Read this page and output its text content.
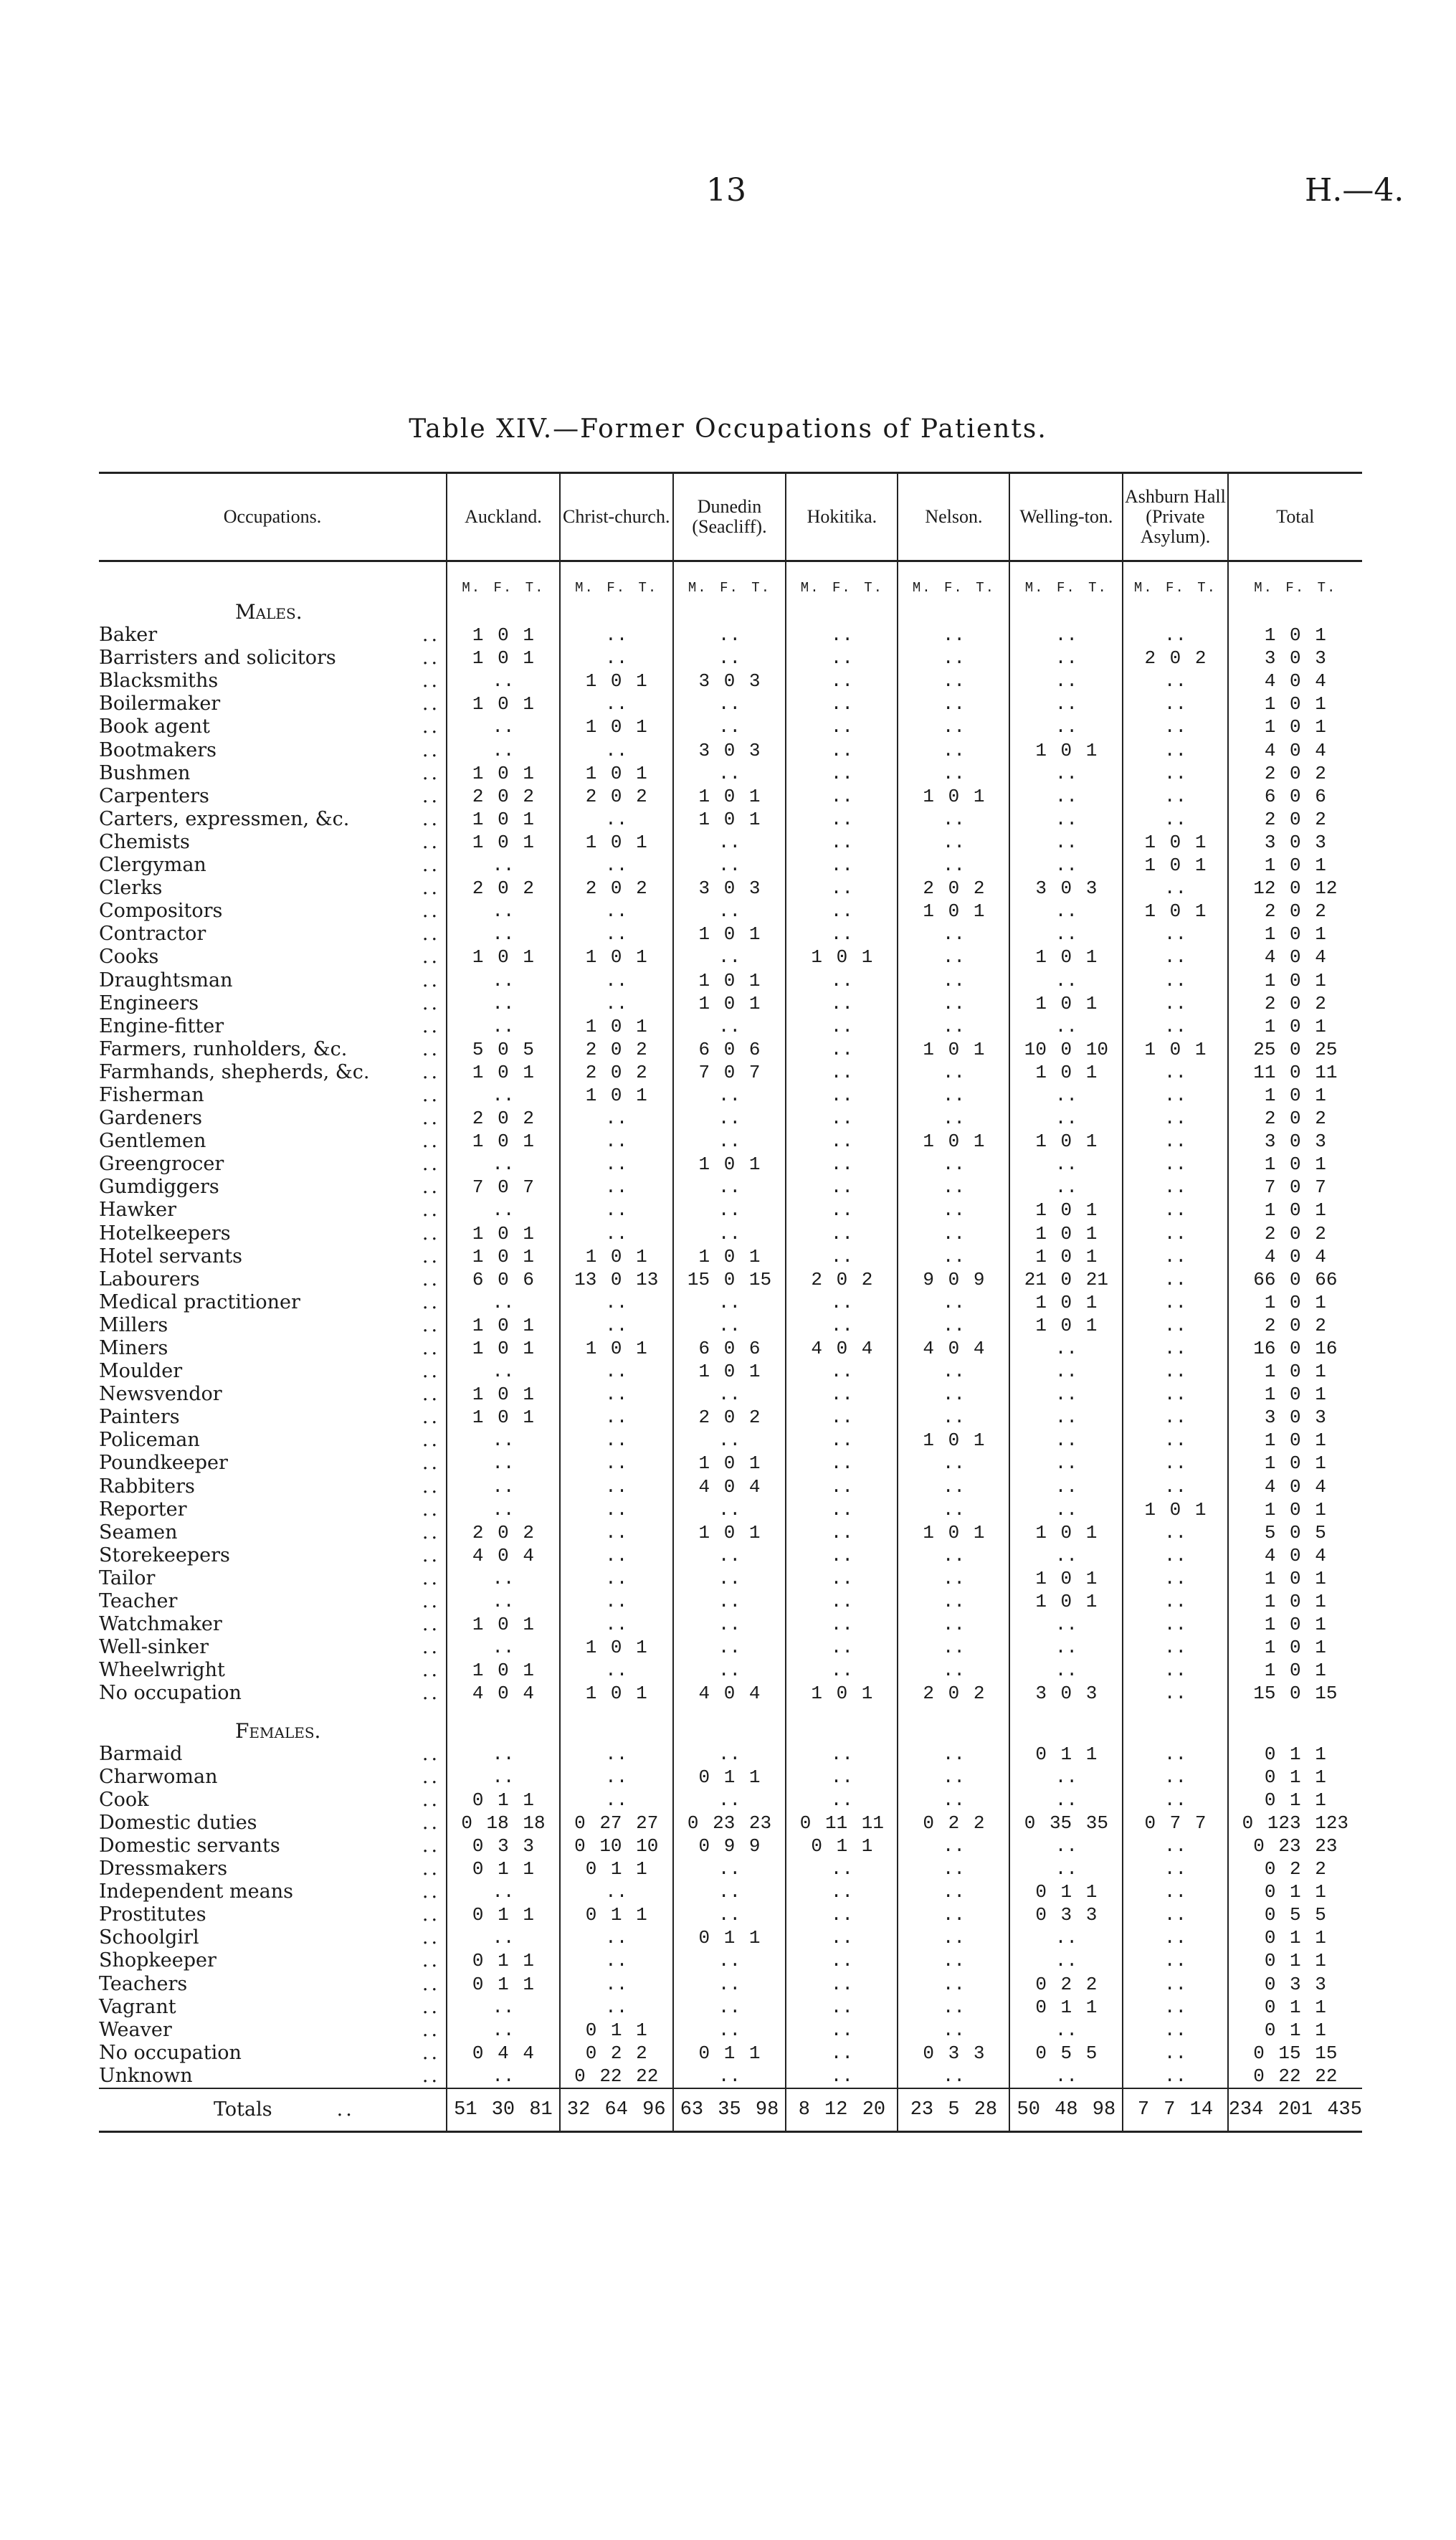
13	H.—4.
Table XIV.—Former Occupations of Patients.
Occupations.	Auckland.	Christ-church.	Dunedin (Seacliff).	Hokitika.	Nelson.	Welling-ton.	Ashburn Hall (Private Asylum).	Total
	M. F. T.	M. F. T.	M. F. T.	M. F. T.	M. F. T.	M. F. T.	M. F. T.	M. F. T.
Males.								
Baker ..	1 0 1	..	..	..	..	..	..	1 0 1
Barristers and solicitors ..	1 0 1	..	..	..	..	..	2 0 2	3 0 3
Blacksmiths ..	..	1 0 1	3 0 3	..	..	..	..	4 0 4
Boilermaker ..	1 0 1	..	..	..	..	..	..	1 0 1
Book agent ..	..	1 0 1	..	..	..	..	..	1 0 1
Bootmakers ..	..	..	3 0 3	..	..	1 0 1	..	4 0 4
Bushmen ..	1 0 1	1 0 1	..	..	..	..	..	2 0 2
Carpenters ..	2 0 2	2 0 2	1 0 1	..	1 0 1	..	..	6 0 6
Carters, expressmen, &c. ..	1 0 1	..	1 0 1	..	..	..	..	2 0 2
Chemists ..	1 0 1	1 0 1	..	..	..	..	1 0 1	3 0 3
Clergyman ..	..	..	..	..	..	..	1 0 1	1 0 1
Clerks ..	2 0 2	2 0 2	3 0 3	..	2 0 2	3 0 3	..	12 0 12
Compositors ..	..	..	..	..	1 0 1	..	1 0 1	2 0 2
Contractor ..	..	..	1 0 1	..	..	..	..	1 0 1
Cooks ..	1 0 1	1 0 1	..	1 0 1	..	1 0 1	..	4 0 4
Draughtsman ..	..	..	1 0 1	..	..	..	..	1 0 1
Engineers ..	..	..	1 0 1	..	..	1 0 1	..	2 0 2
Engine-fitter ..	..	1 0 1	..	..	..	..	..	1 0 1
Farmers, runholders, &c. ..	5 0 5	2 0 2	6 0 6	..	1 0 1	10 0 10	1 0 1	25 0 25
Farmhands, shepherds, &c. ..	1 0 1	2 0 2	7 0 7	..	..	1 0 1	..	11 0 11
Fisherman ..	..	1 0 1	..	..	..	..	..	1 0 1
Gardeners ..	2 0 2	..	..	..	..	..	..	2 0 2
Gentlemen ..	1 0 1	..	..	..	1 0 1	1 0 1	..	3 0 3
Greengrocer ..	..	..	1 0 1	..	..	..	..	1 0 1
Gumdiggers ..	7 0 7	..	..	..	..	..	..	7 0 7
Hawker ..	..	..	..	..	..	1 0 1	..	1 0 1
Hotelkeepers ..	1 0 1	..	..	..	..	1 0 1	..	2 0 2
Hotel servants ..	1 0 1	1 0 1	1 0 1	..	..	1 0 1	..	4 0 4
Labourers ..	6 0 6	13 0 13	15 0 15	2 0 2	9 0 9	21 0 21	..	66 0 66
Medical practitioner ..	..	..	..	..	..	1 0 1	..	1 0 1
Millers ..	1 0 1	..	..	..	..	1 0 1	..	2 0 2
Miners ..	1 0 1	1 0 1	6 0 6	4 0 4	4 0 4	..	..	16 0 16
Moulder ..	..	..	1 0 1	..	..	..	..	1 0 1
Newsvendor ..	1 0 1	..	..	..	..	..	..	1 0 1
Painters ..	1 0 1	..	2 0 2	..	..	..	..	3 0 3
Policeman ..	..	..	..	..	1 0 1	..	..	1 0 1
Poundkeeper ..	..	..	1 0 1	..	..	..	..	1 0 1
Rabbiters ..	..	..	4 0 4	..	..	..	..	4 0 4
Reporter ..	..	..	..	..	..	..	1 0 1	1 0 1
Seamen ..	2 0 2	..	1 0 1	..	1 0 1	1 0 1	..	5 0 5
Storekeepers ..	4 0 4	..	..	..	..	..	..	4 0 4
Tailor ..	..	..	..	..	..	1 0 1	..	1 0 1
Teacher ..	..	..	..	..	..	1 0 1	..	1 0 1
Watchmaker ..	1 0 1	..	..	..	..	..	..	1 0 1
Well-sinker ..	..	1 0 1	..	..	..	..	..	1 0 1
Wheelwright ..	1 0 1	..	..	..	..	..	..	1 0 1
No occupation ..	4 0 4	1 0 1	4 0 4	1 0 1	2 0 2	3 0 3	..	15 0 15

Females.								
Barmaid ..	..	..	..	..	..	0 1 1	..	0 1 1
Charwoman ..	..	..	0 1 1	..	..	..	..	0 1 1
Cook ..	0 1 1	..	..	..	..	..	..	0 1 1
Domestic duties ..	0 18 18	0 27 27	0 23 23	0 11 11	0 2 2	0 35 35	0 7 7	0 123 123
Domestic servants ..	0 3 3	0 10 10	0 9 9	0 1 1	..	..	..	0 23 23
Dressmakers ..	0 1 1	0 1 1	..	..	..	..	..	0 2 2
Independent means ..	..	..	..	..	..	0 1 1	..	0 1 1
Prostitutes ..	0 1 1	0 1 1	..	..	..	0 3 3	..	0 5 5
Schoolgirl ..	..	..	0 1 1	..	..	..	..	0 1 1
Shopkeeper ..	0 1 1	..	..	..	..	..	..	0 1 1
Teachers ..	0 1 1	..	..	..	..	0 2 2	..	0 3 3
Vagrant ..	..	..	..	..	..	0 1 1	..	0 1 1
Weaver ..	..	0 1 1	..	..	..	..	..	0 1 1
No occupation ..	0 4 4	0 2 2	0 1 1	..	0 3 3	0 5 5	..	0 15 15
Unknown ..	..	0 22 22	..	..	..	..	..	0 22 22
Totals ..	51 30 81	32 64 96	63 35 98	8 12 20	23 5 28	50 48 98	7 7 14	234 201 435
